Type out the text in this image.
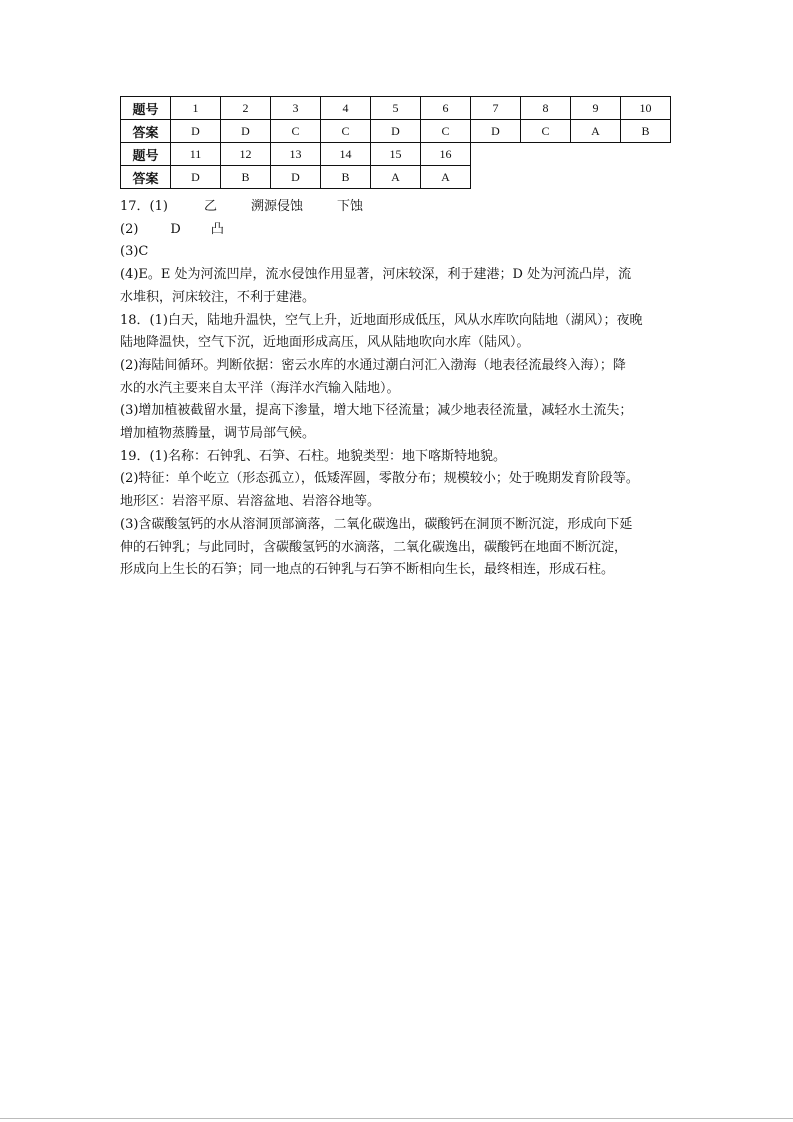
题号	1	2	3	4	5	6	7	8	9	10
答案	D	D	C	C	D	C	D	C	A	B
题号	11	12	13	14	15	16				
答案	D	B	D	B	A	A				

17．(1)	乙	溯源侵蚀	下蚀

(2) D 凸

(3)C

(4)E。E 处为河流凹岸，流水侵蚀作用显著，河床较深，利于建港；D 处为河流凸岸，流

水堆积，河床较注，不利于建港。

18．(1)白天，陆地升温快，空气上升，近地面形成低压，风从水库吹向陆地（湖风）；夜晚

陆地降温快，空气下沉，近地面形成高压，风从陆地吹向水库（陆风）。

(2)海陆间循环。判断依据：密云水库的水通过潮白河汇入渤海（地表径流最终入海）；降

水的水汽主要来自太平洋（海洋水汽输入陆地）。

(3)增加植被截留水量，提高下渗量，增大地下径流量；减少地表径流量，减轻水土流失；

增加植物蒸腾量，调节局部气候。

19．(1)名称：石钟乳、石笋、石柱。地貌类型：地下喀斯特地貌。

(2)特征：单个屹立（形态孤立），低矮浑圆，零散分布；规模较小；处于晚期发育阶段等。

地形区：岩溶平原、岩溶盆地、岩溶谷地等。

(3)含碳酸氢钙的水从溶洞顶部滴落，二氧化碳逸出，碳酸钙在洞顶不断沉淀，形成向下延

伸的石钟乳；与此同时，含碳酸氢钙的水滴落，二氧化碳逸出，碳酸钙在地面不断沉淀，

形成向上生长的石笋；同一地点的石钟乳与石笋不断相向生长，最终相连，形成石柱。
